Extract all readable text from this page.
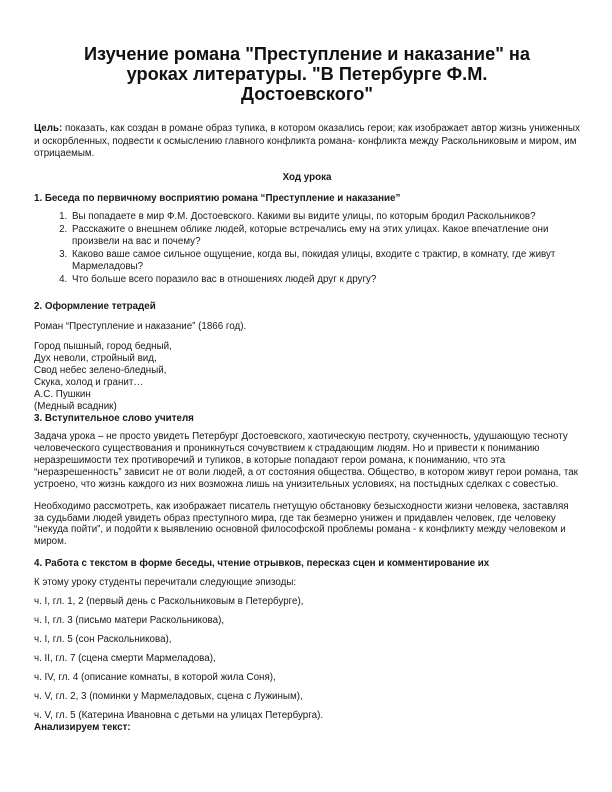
Изучение романа "Преступление и наказание" на
уроках литературы. "В Петербурге Ф.М.
Достоевского"
Цель: показать, как создан в романе образ тупика, в котором оказались герои; как изображает автор жизнь униженных и оскорбленных, подвести к осмыслению главного конфликта романа- конфликта между Раскольниковым и миром, им отрицаемым.
Ход урока
1. Беседа по первичному восприятию романа “Преступление и наказание”
1. Вы попадаете в мир Ф.М. Достоевского. Какими вы видите улицы, по которым бродил Раскольников?
2. Расскажите о внешнем облике людей, которые встречались ему на этих улицах. Какое впечатление они произвели на вас и почему?
3. Каково ваше самое сильное ощущение, когда вы, покидая улицы, входите с трактир, в комнату, где живут Мармеладовы?
4. Что больше всего поразило вас в отношениях людей друг к другу?
2. Оформление тетрадей

Роман “Преступление и наказание” (1866 год).

Город пышный, город бедный,
Дух неволи, стройный вид,
Свод небес зелено-бледный,
Скука, холод и гранит…
А.С. Пушкин
(Медный всадник)
3. Вступительное слово учителя

Задача урока – не просто увидеть Петербург Достоевского, хаотическую пестроту, скученность, удушающую тесноту человеческого существования и проникнуться сочувствием к страдающим людям. Но и привести к пониманию неразрешимости тех противоречий и тупиков, в которые попадают герои романа, к пониманию, что эта “неразрешенность” зависит не от воли людей, а от состояния общества. Обществo, в котором живут герои романа, так устроено, что жизнь каждого из них возможна лишь на унизительных условиях, на постыдных сделках с совестью.

Необходимо рассмотреть, как изображает писатель гнетущую обстановку безысходности жизни человека, заставляя за судьбами людей увидеть образ преступного мира, где так безмерно унижен и придавлен человек, где человеку “некуда пойти”, и подойти к выявлению основной философской проблемы романа - к конфликту между человеком и миром.

4. Работа с текстом в форме беседы, чтение отрывков, пересказ сцен и комментирование их
К этому уроку студенты перечитали следующие эпизоды:
ч. I, гл. 1, 2 (первый день с Раскольниковым в Петербурге),
ч. I, гл. 3 (письмо матери Раскольникова),
ч. I, гл. 5 (сон Раскольникова),
ч. II, гл. 7 (сцена смерти Мармеладова),
ч. IV, гл. 4 (описание комнаты, в которой жила Соня),
ч. V, гл. 2, 3 (поминки у Мармеладовых, сцена с Лужиным),
ч. V, гл. 5 (Катерина Ивановна с детьми на улицах Петербурга).
Анализируем текст:
